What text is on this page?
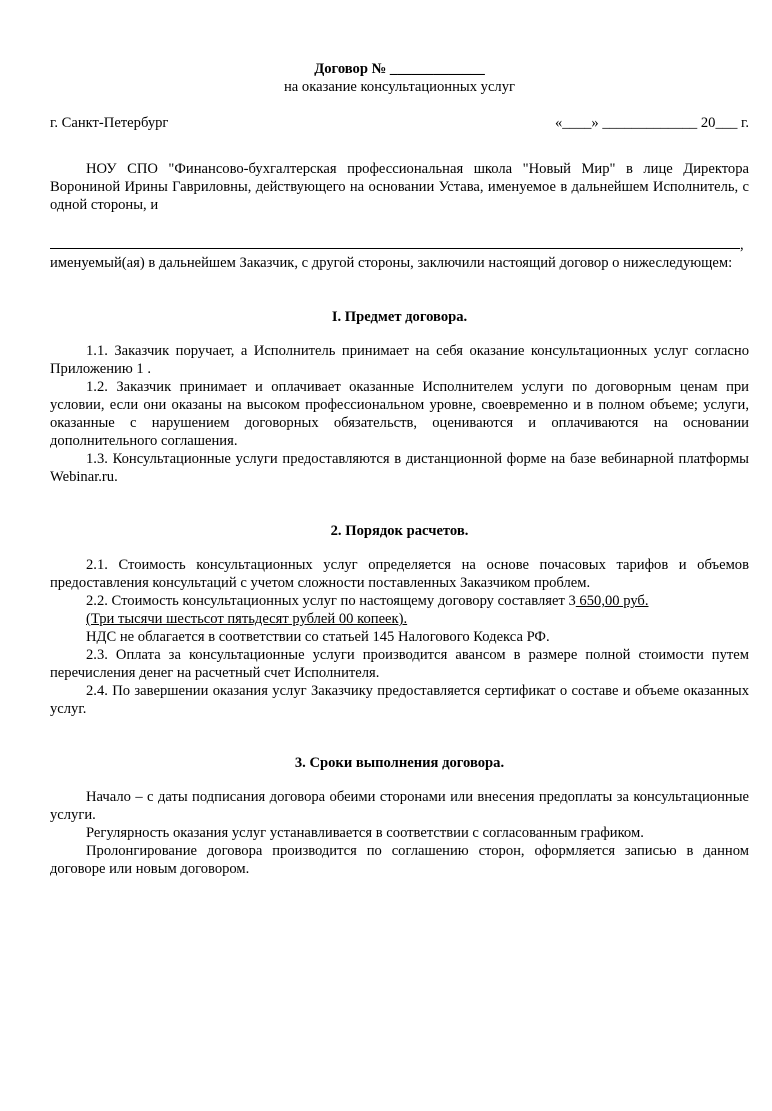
Договор № _____________

на оказание консультационных услуг

г. Санкт-Петербург	«____» _____________ 20___ г.

НОУ СПО "Финансово-бухгалтерская профессиональная школа "Новый Мир" в лице Директора Ворониной Ирины Гавриловны, действующего на основании Устава, именуемое в дальнейшем Исполнитель, с одной стороны, и

,

именуемый(ая) в дальнейшем Заказчик, с другой стороны, заключили настоящий договор о нижеследующем:

I. Предмет договора.

1.1. Заказчик поручает, а Исполнитель принимает на себя оказание консультационных услуг согласно Приложению 1 .

1.2. Заказчик принимает и оплачивает оказанные Исполнителем услуги по договорным ценам при условии, если они оказаны на высоком профессиональном уровне, своевременно и в полном объеме; услуги, оказанные с нарушением договорных обязательств, оцениваются и оплачиваются на основании дополнительного соглашения.

1.3. Консультационные услуги предоставляются в дистанционной форме на базе вебинарной платформы Webinar.ru.

2. Порядок расчетов.

2.1. Стоимость консультационных услуг определяется на основе почасовых тарифов и объемов предоставления консультаций с учетом сложности поставленных Заказчиком проблем.

2.2. Стоимость консультационных услуг по настоящему договору составляет 3 650,00 руб.

(Три тысячи шестьсот пятьдесят рублей 00 копеек).

НДС не облагается в соответствии со статьей 145 Налогового Кодекса РФ.

2.3. Оплата за консультационные услуги производится авансом в размере полной стоимости путем перечисления денег на расчетный счет Исполнителя.

2.4. По завершении оказания услуг Заказчику предоставляется сертификат о составе и объеме оказанных услуг.

3. Сроки выполнения договора.

Начало – с даты подписания договора обеими сторонами или внесения предоплаты за консультационные услуги.

Регулярность оказания услуг устанавливается в соответствии с согласованным графиком.

Пролонгирование договора производится по соглашению сторон, оформляется записью в данном договоре или новым договором.
